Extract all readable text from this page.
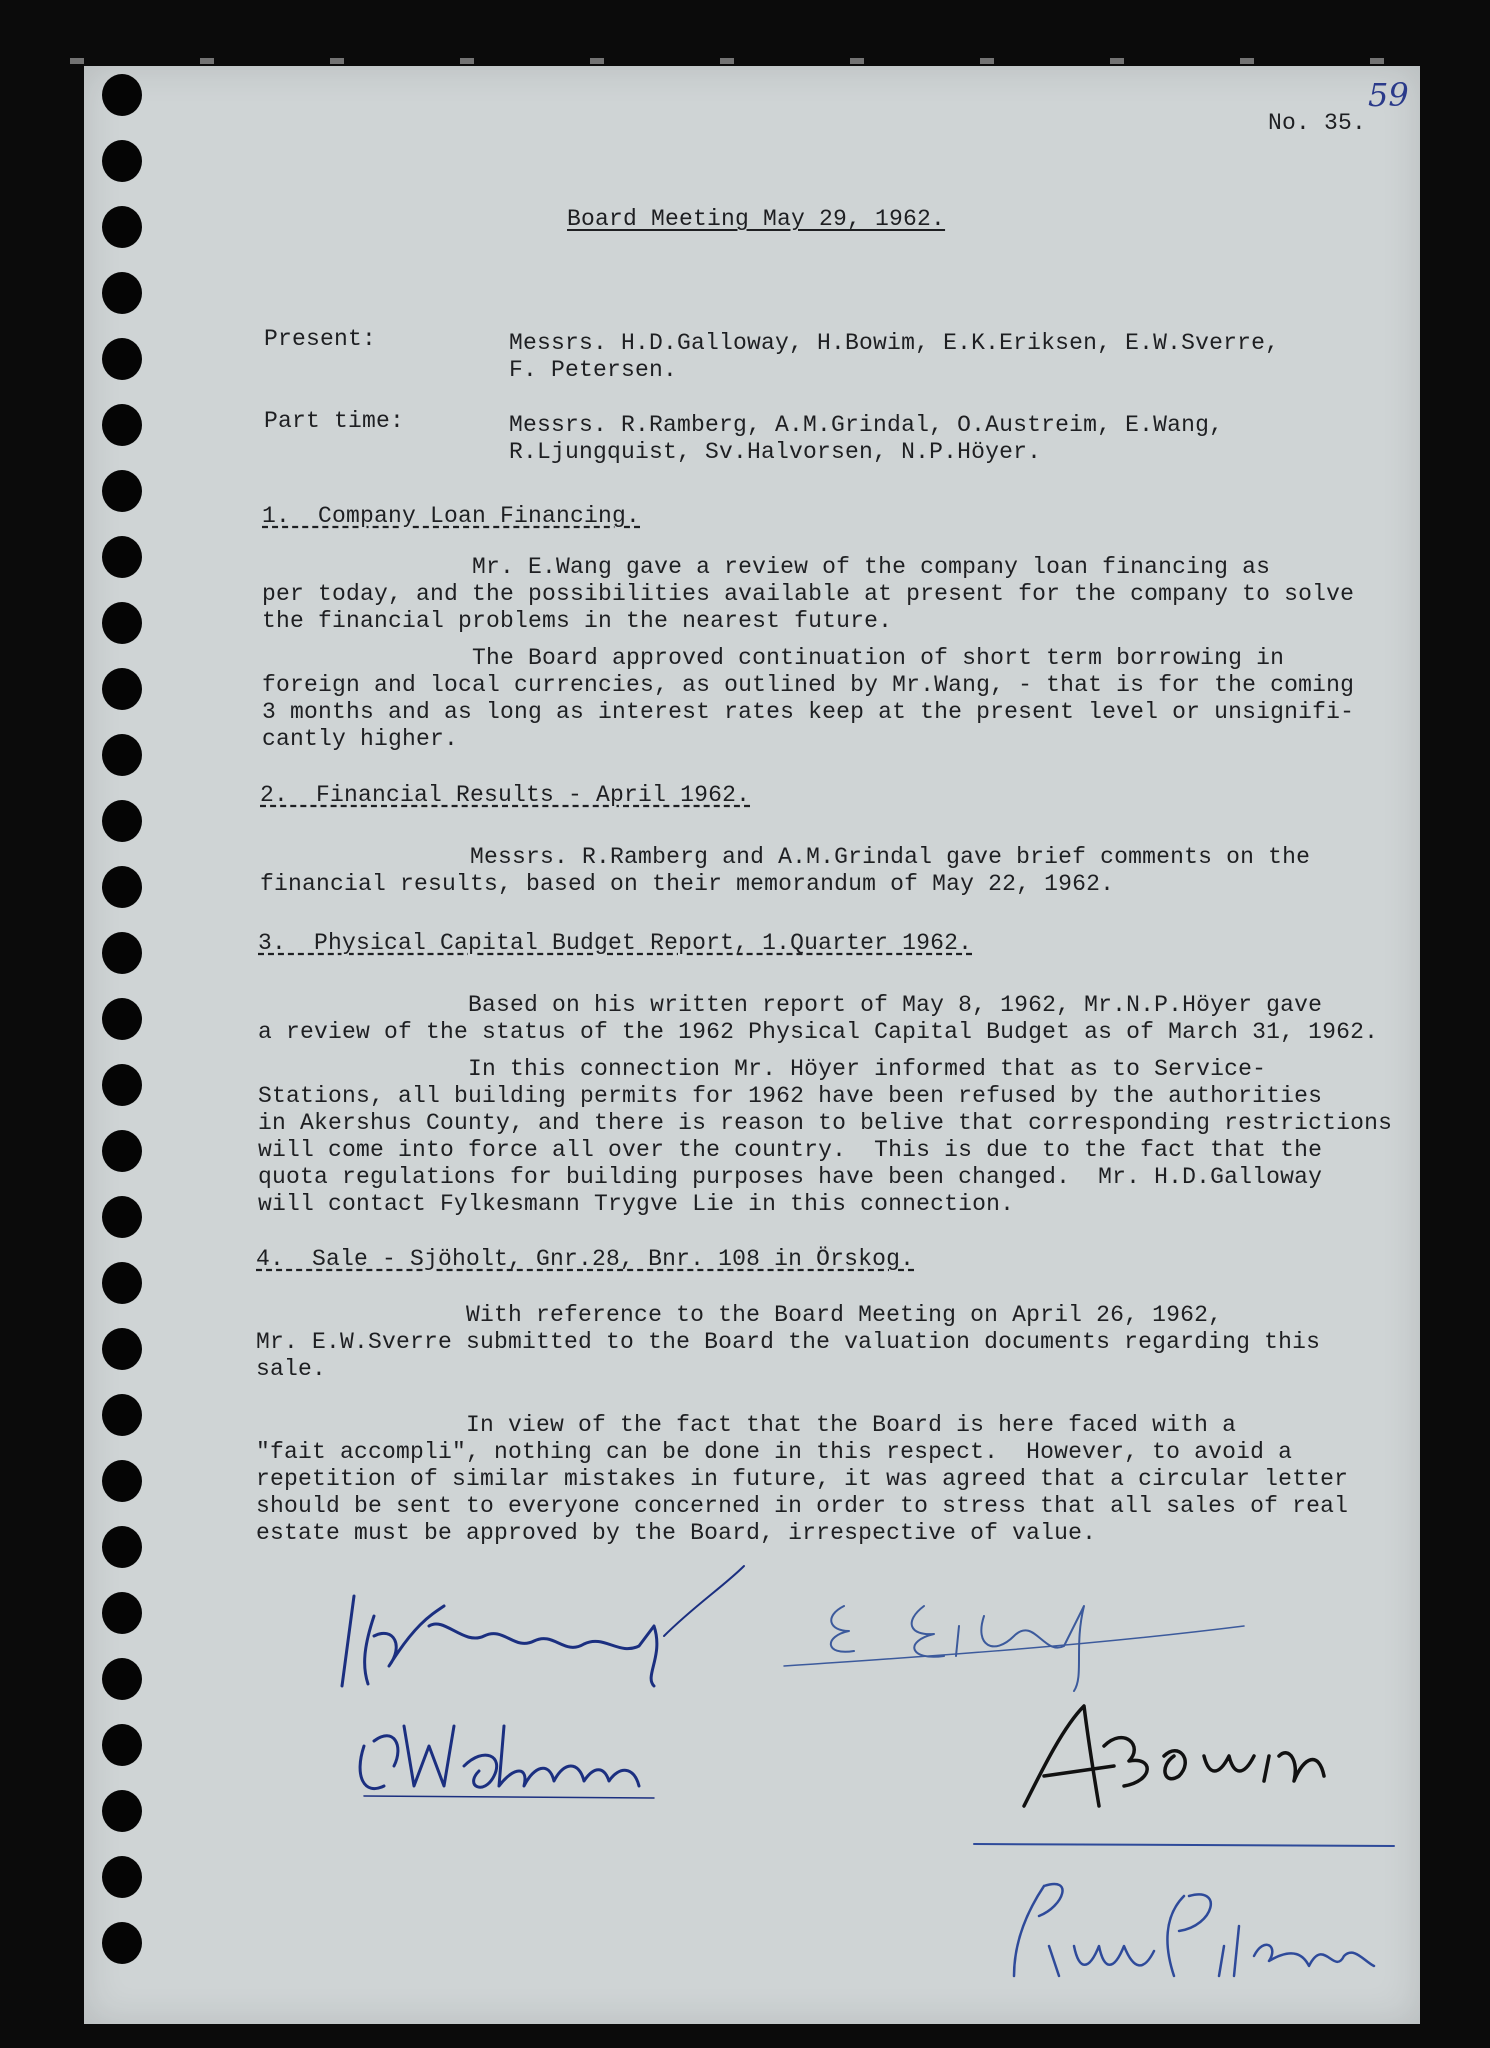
No. 35.
59
Board Meeting May 29, 1962.
Present:	Messrs. H.D.Galloway, H.Bowim, E.K.Eriksen, E.W.Sverre,
F. Petersen.
Part time:	Messrs. R.Ramberg, A.M.Grindal, O.Austreim, E.Wang,
R.Ljungquist, Sv.Halvorsen, N.P.Höyer.
1.  Company Loan Financing.
Mr. E.Wang gave a review of the company loan financing as
per today, and the possibilities available at present for the company to solve
the financial problems in the nearest future.
The Board approved continuation of short term borrowing in
foreign and local currencies, as outlined by Mr.Wang, - that is for the coming
3 months and as long as interest rates keep at the present level or unsignifi-
cantly higher.
2.  Financial Results - April 1962.
Messrs. R.Ramberg and A.M.Grindal gave brief comments on the
financial results, based on their memorandum of May 22, 1962.
3.  Physical Capital Budget Report, 1.Quarter 1962.
Based on his written report of May 8, 1962, Mr.N.P.Höyer gave
a review of the status of the 1962 Physical Capital Budget as of March 31, 1962.
In this connection Mr. Höyer informed that as to Service-
Stations, all building permits for 1962 have been refused by the authorities
in Akershus County, and there is reason to belive that corresponding restrictions
will come into force all over the country.  This is due to the fact that the
quota regulations for building purposes have been changed.  Mr. H.D.Galloway
will contact Fylkesmann Trygve Lie in this connection.
4.  Sale - Sjöholt, Gnr.28, Bnr. 108 in Örskog.
With reference to the Board Meeting on April 26, 1962,
Mr. E.W.Sverre submitted to the Board the valuation documents regarding this
sale.
In view of the fact that the Board is here faced with a
"fait accompli", nothing can be done in this respect.  However, to avoid a
repetition of similar mistakes in future, it was agreed that a circular letter
should be sent to everyone concerned in order to stress that all sales of real
estate must be approved by the Board, irrespective of value.
